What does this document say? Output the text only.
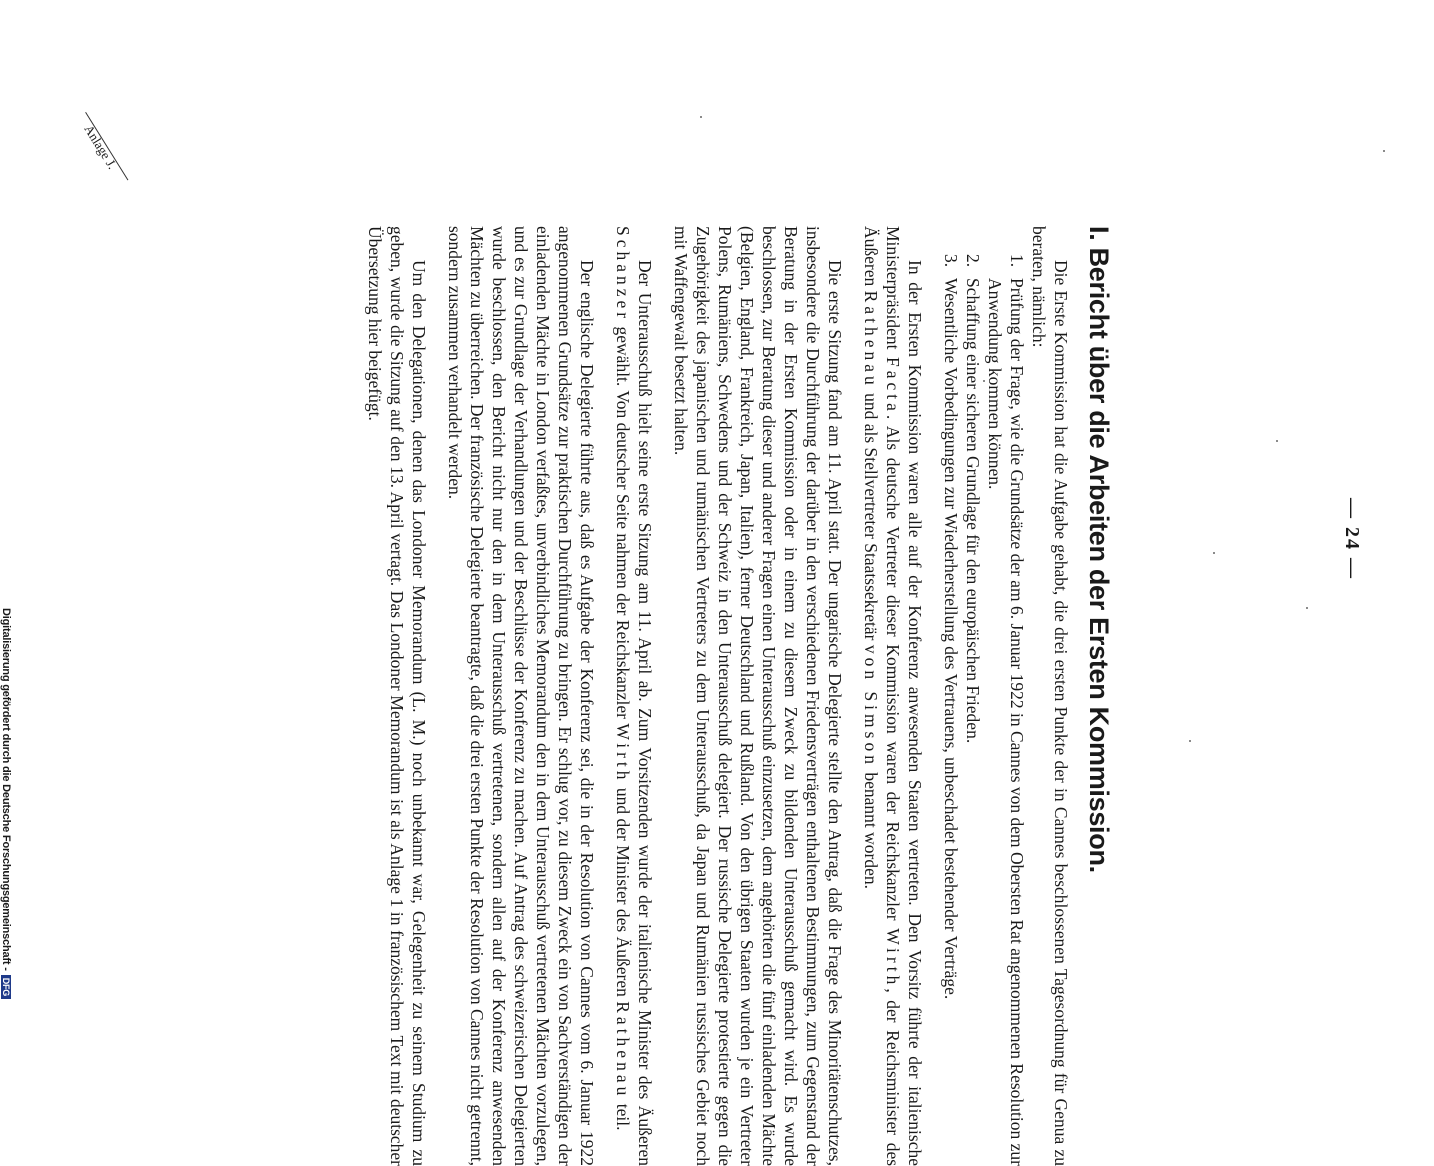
— 24 —
Anlage J.
Digitalisierung gefördert durch die Deutsche Forschungsgemeinschaft -DFG
I. Bericht über die Arbeiten der Ersten Kommission.

Die Erste Kommission hat die Aufgabe gehabt, die drei ersten Punkte der in Cannes beschlossenen Tagesordnung für Genua zu beraten, nämlich:

1.
Prüfung der Frage, wie die Grundsätze der am 6. Januar 1922 in Cannes von dem Obersten Rat angenommenen Resolution zur Anwendung kommen können.
2.
Schaffung einer sicheren Grundlage für den europäischen Frieden.
3.
Wesentliche Vorbedingungen zur Wiederherstellung des Vertrauens, unbeschadet bestehender Verträge.

In der Ersten Kommission waren alle auf der Konferenz anwesenden Staaten vertreten. Den Vorsitz führte der italienische Ministerpräsident Facta. Als deutsche Vertreter dieser Kommission waren der Reichskanzler Wirth, der Reichsminister des Äußeren Rathenau und als Stellvertreter Staatssekretär von Simson benannt worden.

Die erste Sitzung fand am 11. April statt. Der ungarische Delegierte stellte den Antrag, daß die Frage des Minoritätenschutzes, insbesondere die Durchführung der darüber in den verschiedenen Friedensverträgen enthaltenen Bestimmungen, zum Gegenstand der Beratung in der Ersten Kommission oder in einem zu diesem Zweck zu bildenden Unterausschuß gemacht wird. Es wurde beschlossen, zur Beratung dieser und anderer Fragen einen Unterausschuß einzusetzen, dem angehörten die fünf einladenden Mächte (Belgien, England, Frankreich, Japan, Italien), ferner Deutschland und Rußland. Von den übrigen Staaten wurden je ein Vertreter Polens, Rumäniens, Schwedens und der Schweiz in den Unterausschuß delegiert. Der russische Delegierte protestierte gegen die Zugehörigkeit des japanischen und rumänischen Vertreters zu dem Unterausschuß, da Japan und Rumänien russisches Gebiet noch mit Waffengewalt besetzt halten.

Der Unterausschuß hielt seine erste Sitzung am 11. April ab. Zum Vorsitzenden wurde der italienische Minister des Äußeren Schanzer gewählt. Von deutscher Seite nahmen der Reichskanzler Wirth und der Minister des Äußeren Rathenau teil.

Der englische Delegierte führte aus, daß es Aufgabe der Konferenz sei, die in der Resolution von Cannes vom 6. Januar 1922 angenommenen Grundsätze zur praktischen Durchführung zu bringen. Er schlug vor, zu diesem Zweck ein von Sachverständigen der einladenden Mächte in London verfaßtes, unverbindliches Memorandum den in dem Unterausschuß vertretenen Mächten vorzulegen, und es zur Grundlage der Verhandlungen und der Beschlüsse der Konferenz zu machen. Auf Antrag des schweizerischen Delegierten wurde beschlossen, den Bericht nicht nur den in dem Unterausschuß vertretenen, sondern allen auf der Konferenz anwesenden Mächten zu überreichen. Der französische Delegierte beantragte, daß die drei ersten Punkte der Resolution von Cannes nicht getrennt, sondern zusammen verhandelt werden.

Um den Delegationen, denen das Londoner Memorandum (L. M.) noch unbekannt war, Gelegenheit zu seinem Studium zu geben, wurde die Sitzung auf den 13. April vertagt. Das Londoner Memorandum ist als Anlage 1 in französischem Text mit deutscher Übersetzung hier beigefügt.
